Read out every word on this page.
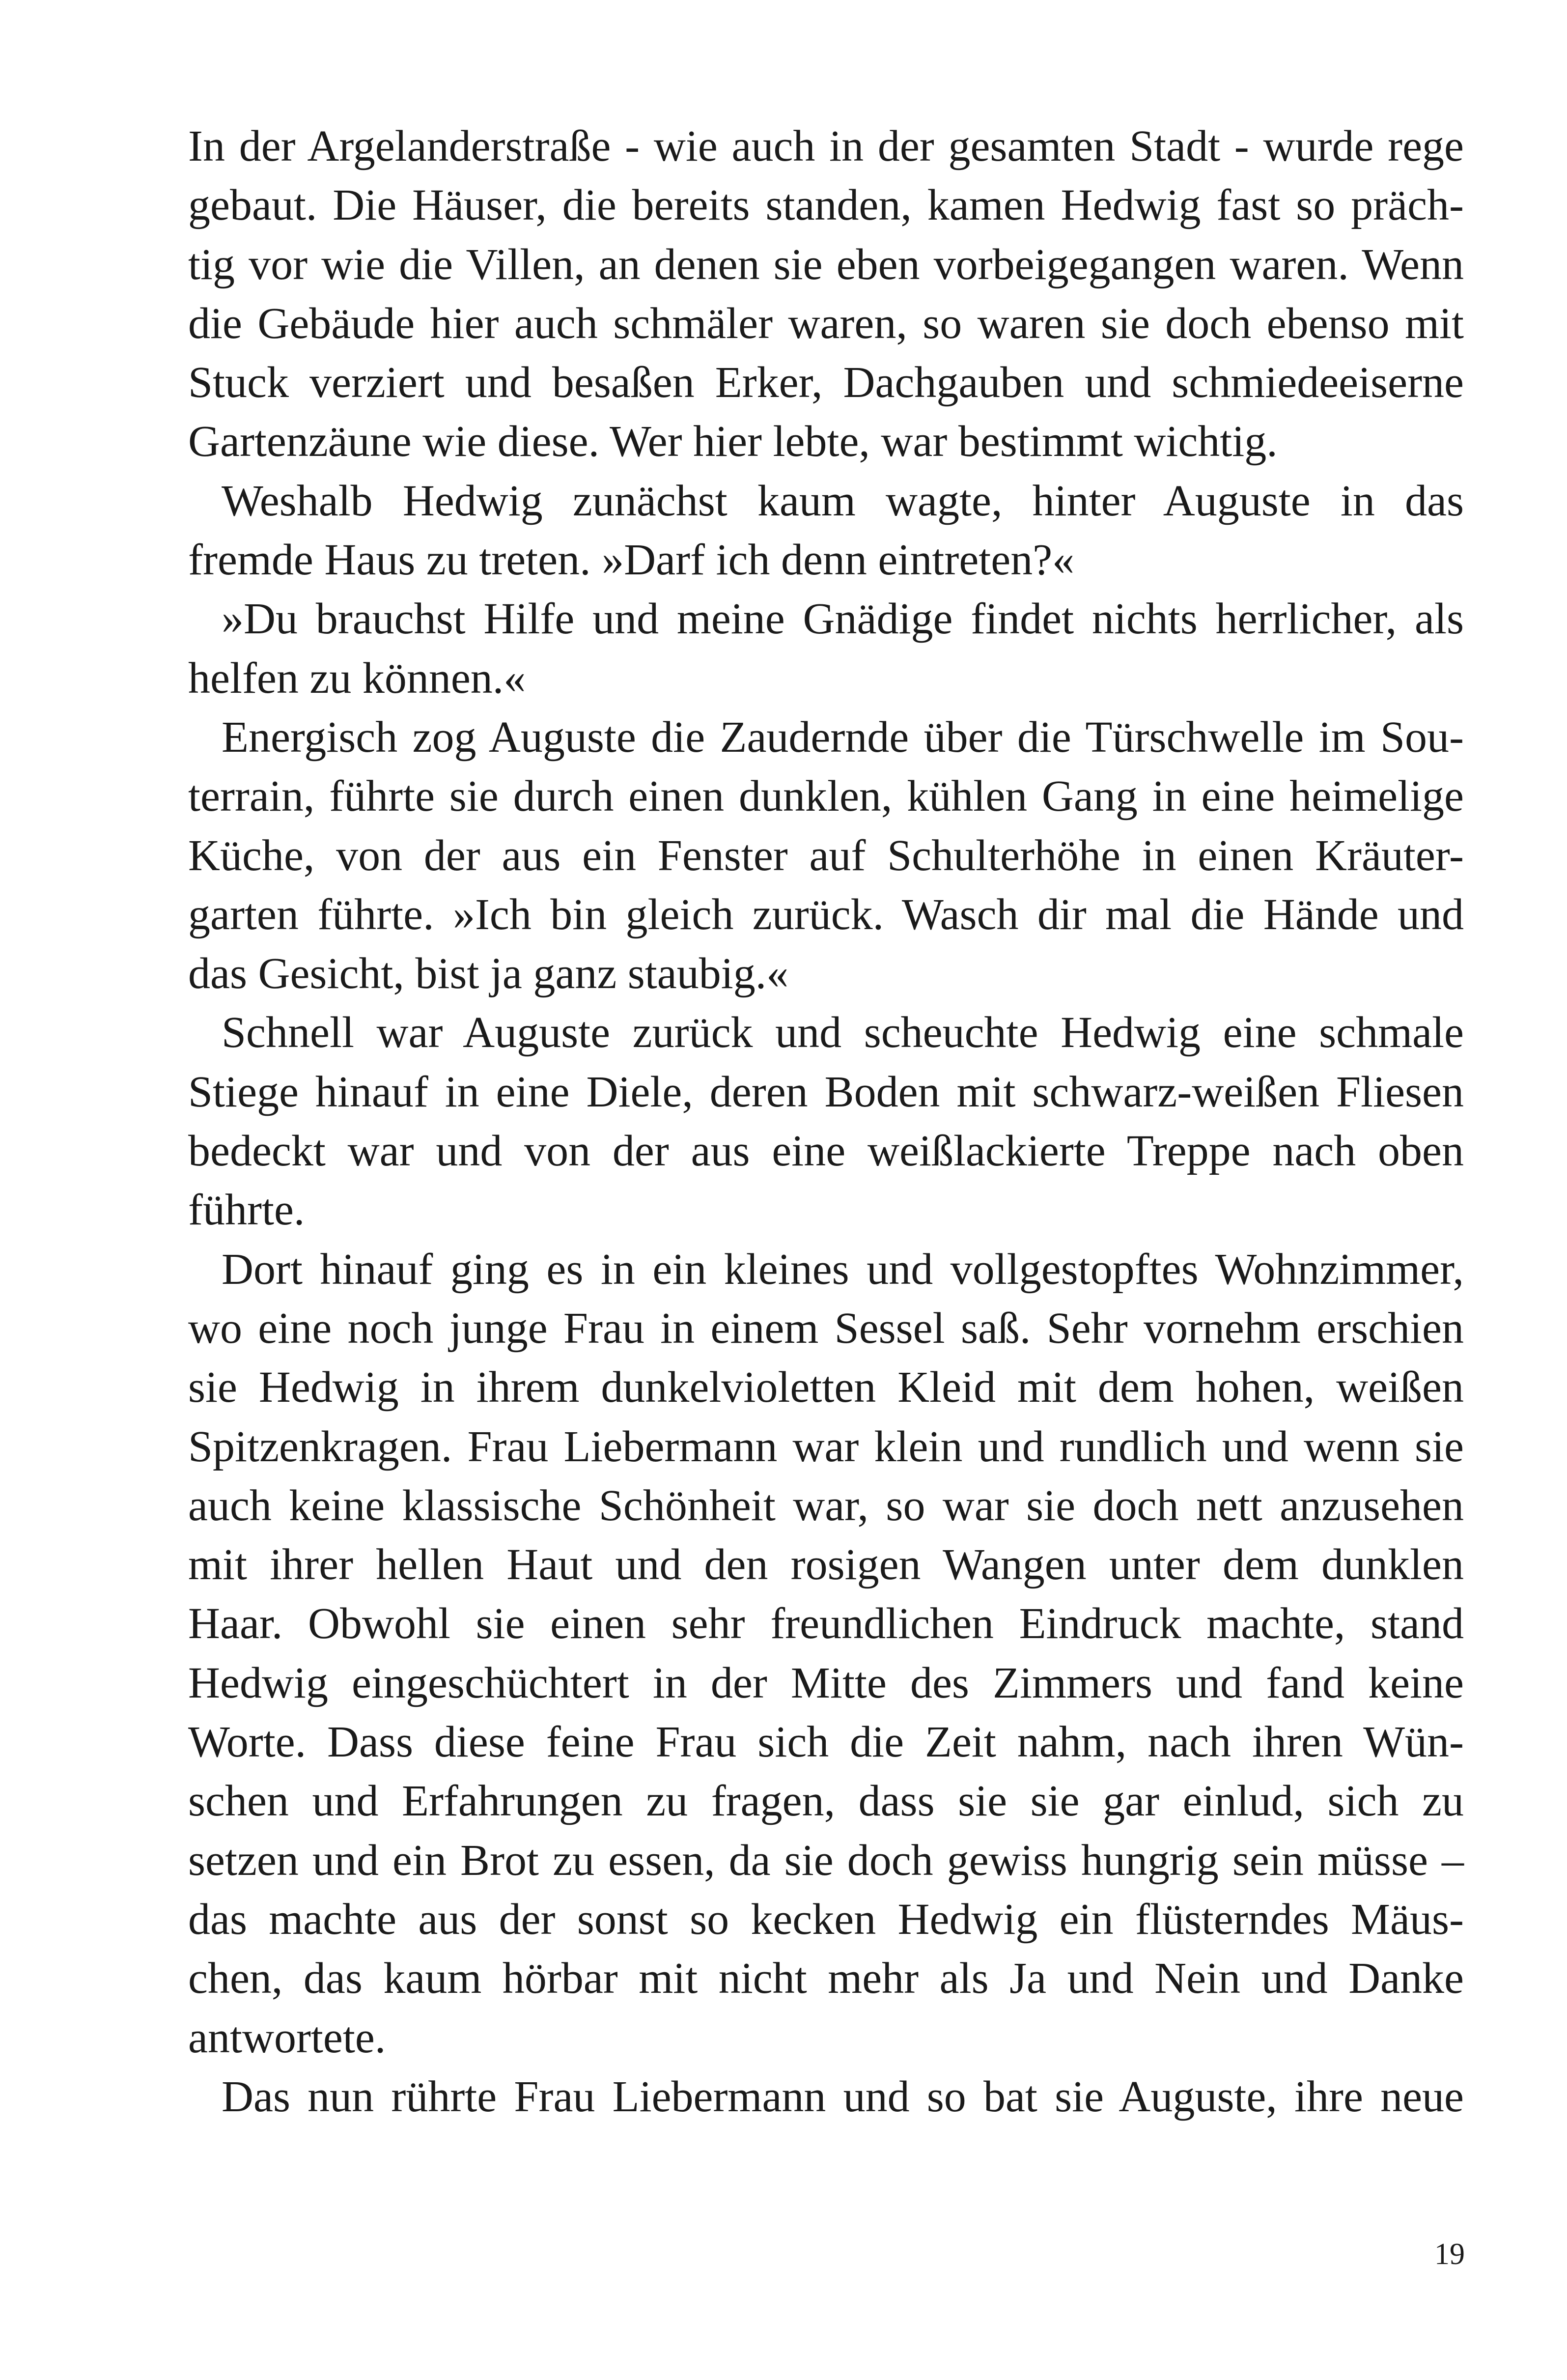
In der Argelanderstraße - wie auch in der gesamten Stadt - wurde rege
gebaut. Die Häuser, die bereits standen, kamen Hedwig fast so präch-
tig vor wie die Villen, an denen sie eben vorbeigegangen waren. Wenn
die Gebäude hier auch schmäler waren, so waren sie doch ebenso mit
Stuck verziert und besaßen Erker, Dachgauben und schmiedeeiserne
Gartenzäune wie diese. Wer hier lebte, war bestimmt wichtig.
Weshalb Hedwig zunächst kaum wagte, hinter Auguste in das
fremde Haus zu treten. »Darf ich denn eintreten?«
»Du brauchst Hilfe und meine Gnädige findet nichts herrlicher, als
helfen zu können.«
Energisch zog Auguste die Zaudernde über die Türschwelle im Sou-
terrain, führte sie durch einen dunklen, kühlen Gang in eine heimelige
Küche, von der aus ein Fenster auf Schulterhöhe in einen Kräuter-
garten führte. »Ich bin gleich zurück. Wasch dir mal die Hände und
das Gesicht, bist ja ganz staubig.«
Schnell war Auguste zurück und scheuchte Hedwig eine schmale
Stiege hinauf in eine Diele, deren Boden mit schwarz-weißen Fliesen
bedeckt war und von der aus eine weißlackierte Treppe nach oben
führte.
Dort hinauf ging es in ein kleines und vollgestopftes Wohnzimmer,
wo eine noch junge Frau in einem Sessel saß. Sehr vornehm erschien
sie Hedwig in ihrem dunkelvioletten Kleid mit dem hohen, weißen
Spitzenkragen. Frau Liebermann war klein und rundlich und wenn sie
auch keine klassische Schönheit war, so war sie doch nett anzusehen
mit ihrer hellen Haut und den rosigen Wangen unter dem dunklen
Haar. Obwohl sie einen sehr freundlichen Eindruck machte, stand
Hedwig eingeschüchtert in der Mitte des Zimmers und fand keine
Worte. Dass diese feine Frau sich die Zeit nahm, nach ihren Wün-
schen und Erfahrungen zu fragen, dass sie sie gar einlud, sich zu
setzen und ein Brot zu essen, da sie doch gewiss hungrig sein müsse –
das machte aus der sonst so kecken Hedwig ein flüsterndes Mäus-
chen, das kaum hörbar mit nicht mehr als Ja und Nein und Danke
antwortete.
Das nun rührte Frau Liebermann und so bat sie Auguste, ihre neue
19
